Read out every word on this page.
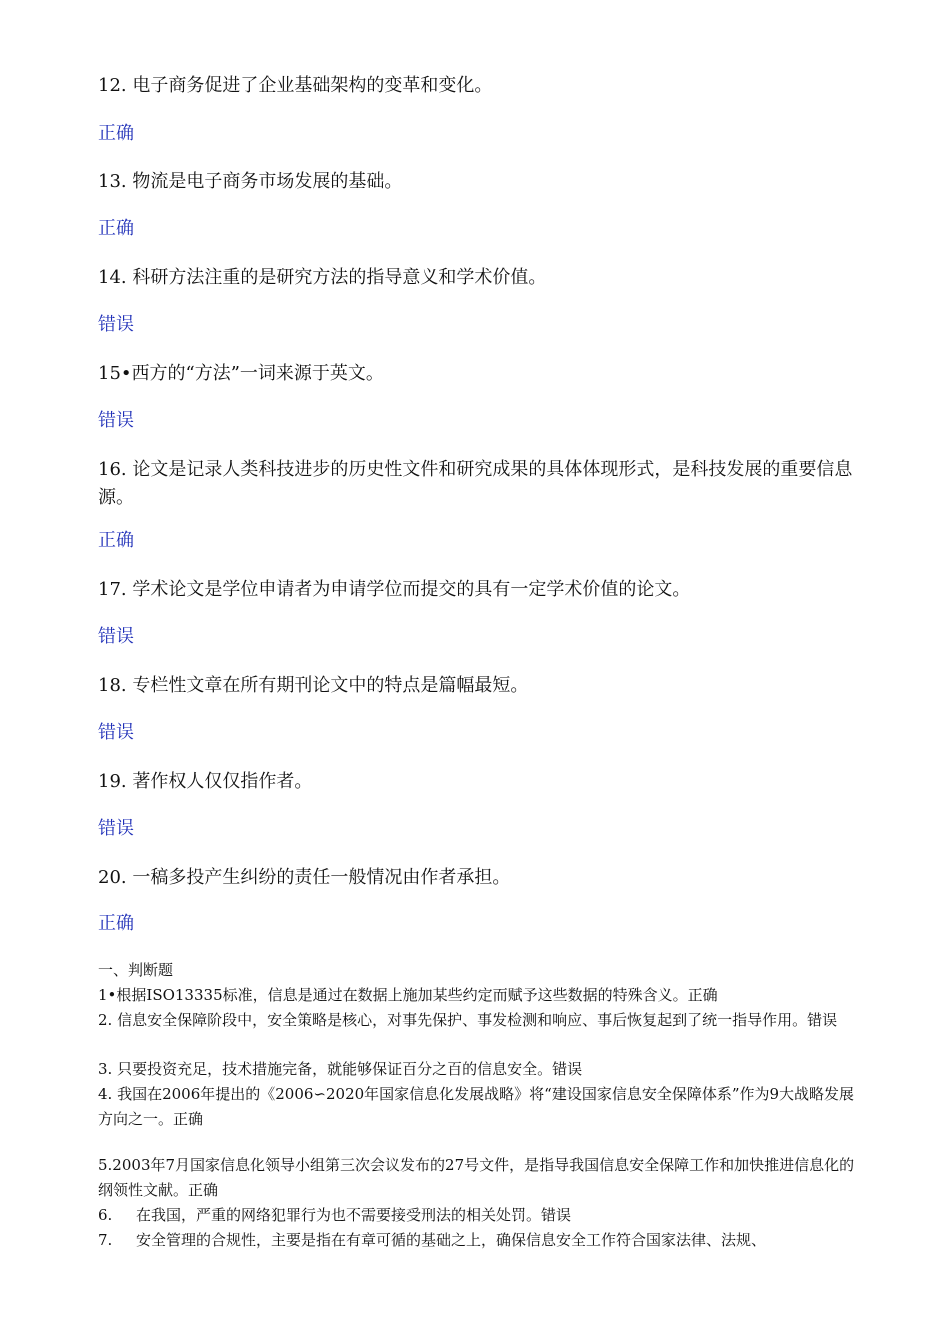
12. 电子商务促进了企业基础架构的变革和变化。

正确

13. 物流是电子商务市场发展的基础。

正确

14. 科研方法注重的是研究方法的指导意义和学术价值。

错误

15•西方的“方法”一词来源于英文。

错误

16. 论文是记录人类科技进步的历史性文件和研究成果的具体体现形式，是科技发展的重要信息源。

正确

17. 学术论文是学位申请者为申请学位而提交的具有一定学术价值的论文。

错误

18. 专栏性文章在所有期刊论文中的特点是篇幅最短。

错误

19. 著作权人仅仅指作者。

错误

20. 一稿多投产生纠纷的责任一般情况由作者承担。

正确

一、判断题

1•根据ISO13335标准，信息是通过在数据上施加某些约定而赋予这些数据的特殊含义。正确

2. 信息安全保障阶段中，安全策略是核心，对事先保护、事发检测和响应、事后恢复起到了统一指导作用。错误

3. 只要投资充足，技术措施完备，就能够保证百分之百的信息安全。错误

4. 我国在2006年提出的《2006∽2020年国家信息化发展战略》将“建设国家信息安全保障体系”作为9大战略发展方向之一。正确

5.2003年7月国家信息化领导小组第三次会议发布的27号文件，是指导我国信息安全保障工作和加快推进信息化的纲领性文献。正确

6. 在我国，严重的网络犯罪行为也不需要接受刑法的相关处罚。错误

7. 安全管理的合规性，主要是指在有章可循的基础之上，确保信息安全工作符合国家法律、法规、
